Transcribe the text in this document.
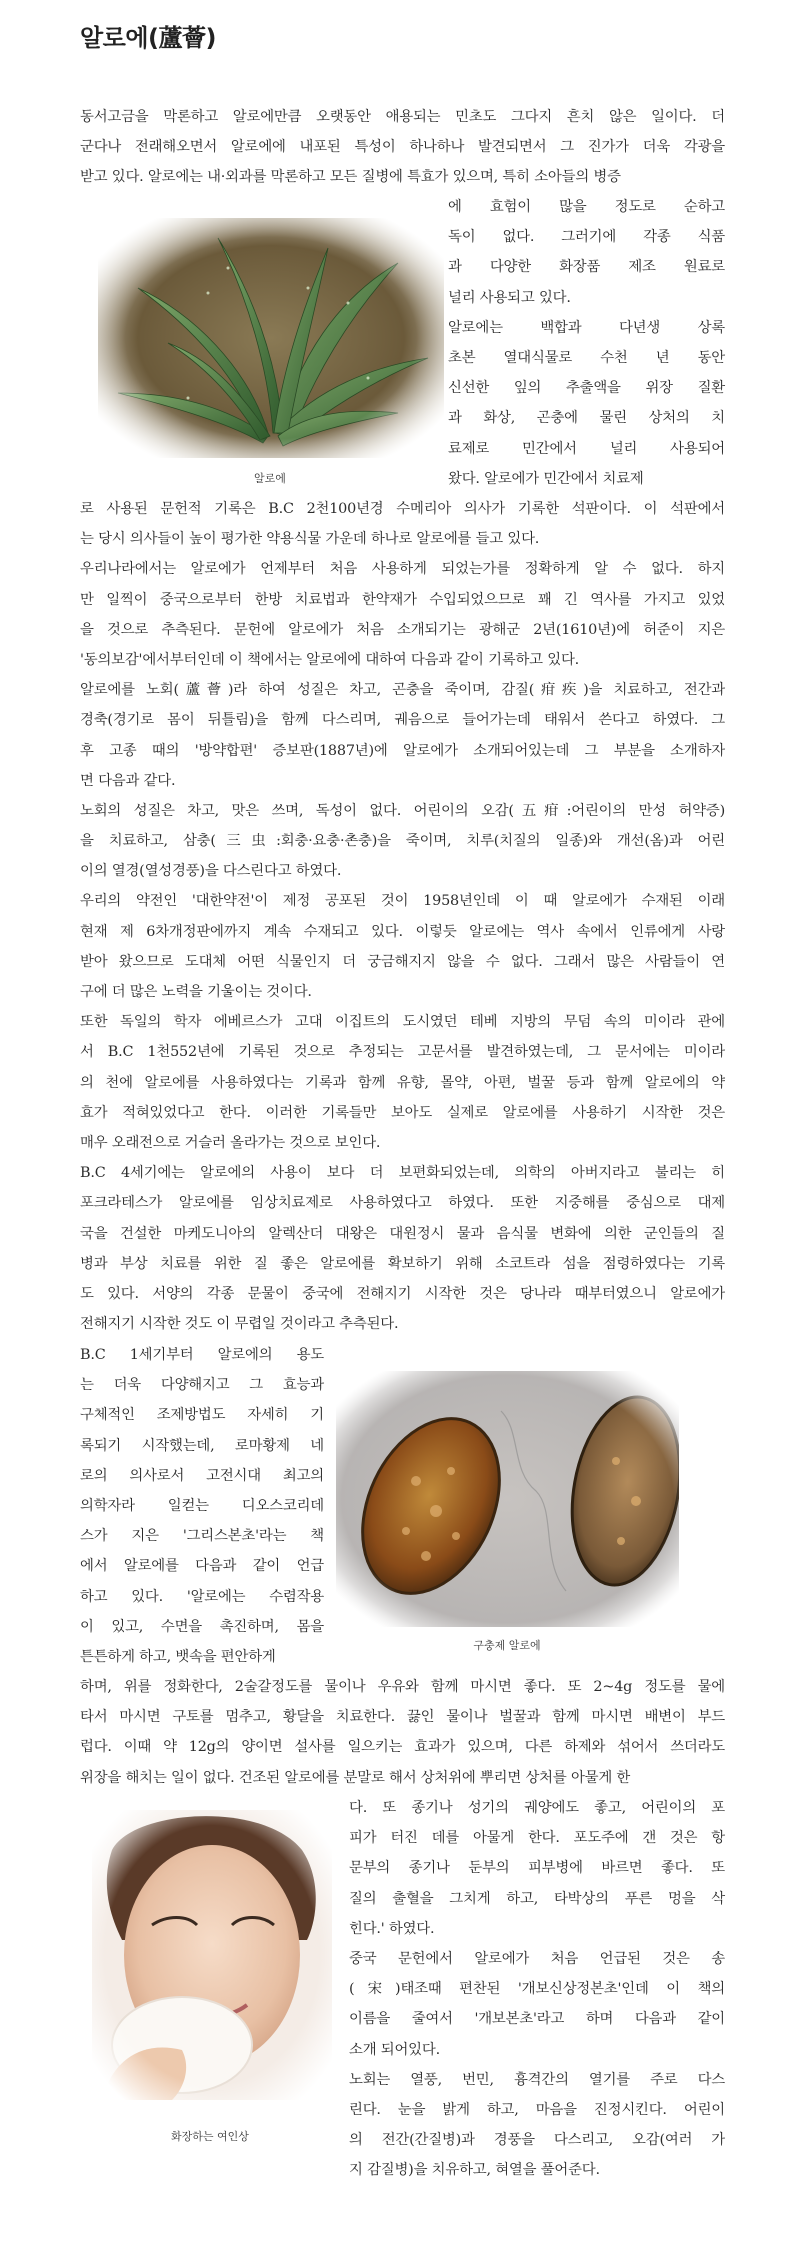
알로에(蘆薈)
동서고금을 막론하고 알로에만큼 오랫동안 애용되는 민초도 그다지 흔치 않은 일이다. 더
군다나 전래해오면서 알로에에 내포된 특성이 하나하나 발견되면서 그 진가가 더욱 각광을
받고 있다. 알로에는 내·외과를 막론하고 모든 질병에 특효가 있으며, 특히 소아들의 병증
알로에
에 효험이 많을 정도로 순하고
독이 없다. 그러기에 각종 식품
과 다양한 화장품 제조 원료로
널리 사용되고 있다.
알로에는 백합과 다년생 상록
초본 열대식물로 수천 년 동안
신선한 잎의 추출액을 위장 질환
과 화상, 곤충에 물린 상처의 치
료제로 민간에서 널리 사용되어
왔다. 알로에가 민간에서 치료제
로 사용된 문헌적 기록은 B.C 2천100년경 수메리아 의사가 기록한 석판이다. 이 석판에서
는 당시 의사들이 높이 평가한 약용식물 가운데 하나로 알로에를 들고 있다.
우리나라에서는 알로에가 언제부터 처음 사용하게 되었는가를 정확하게 알 수 없다. 하지
만 일찍이 중국으로부터 한방 치료법과 한약재가 수입되었으므로 꽤 긴 역사를 가지고 있었
을 것으로 추측된다. 문헌에 알로에가 처음 소개되기는 광해군 2년(1610년)에 허준이 지은
'동의보감'에서부터인데 이 책에서는 알로에에 대하여 다음과 같이 기록하고 있다.
알로에를 노회(蘆薈)라 하여 성질은 차고, 곤충을 죽이며, 감질(疳疾)을 치료하고, 전간과
경축(경기로 몸이 뒤틀림)을 함께 다스리며, 궤음으로 들어가는데 태워서 쓴다고 하였다. 그
후 고종 때의 '방약합편' 증보판(1887년)에 알로에가 소개되어있는데 그 부분을 소개하자
면 다음과 같다.
노회의 성질은 차고, 맛은 쓰며, 독성이 없다. 어린이의 오감(五疳:어린이의 만성 허약증)
을 치료하고, 삼충(三虫:회충·요충·촌충)을 죽이며, 치루(치질의 일종)와 개선(옴)과 어린
이의 열경(열성경풍)을 다스린다고 하였다.
우리의 약전인 '대한약전'이 제정 공포된 것이 1958년인데 이 때 알로에가 수재된 이래
현재 제 6차개정판에까지 계속 수재되고 있다. 이렇듯 알로에는 역사 속에서 인류에게 사랑
받아 왔으므로 도대체 어떤 식물인지 더 궁금해지지 않을 수 없다. 그래서 많은 사람들이 연
구에 더 많은 노력을 기울이는 것이다.
또한 독일의 학자 에베르스가 고대 이집트의 도시였던 테베 지방의 무덤 속의 미이라 관에
서 B.C 1천552년에 기록된 것으로 추정되는 고문서를 발견하였는데, 그 문서에는 미이라
의 천에 알로에를 사용하였다는 기록과 함께 유향, 몰약, 아편, 벌꿀 등과 함께 알로에의 약
효가 적혀있었다고 한다. 이러한 기록들만 보아도 실제로 알로에를 사용하기 시작한 것은
매우 오래전으로 거슬러 올라가는 것으로 보인다.
B.C 4세기에는 알로에의 사용이 보다 더 보편화되었는데, 의학의 아버지라고 불리는 히
포크라테스가 알로에를 임상치료제로 사용하였다고 하였다. 또한 지중해를 중심으로 대제
국을 건설한 마케도니아의 알렉산더 대왕은 대원정시 물과 음식물 변화에 의한 군인들의 질
병과 부상 치료를 위한 질 좋은 알로에를 확보하기 위해 소코트라 섬을 점령하였다는 기록
도 있다. 서양의 각종 문물이 중국에 전해지기 시작한 것은 당나라 때부터였으니 알로에가
전해지기 시작한 것도 이 무렵일 것이라고 추측된다.
구충제 알로에
B.C 1세기부터 알로에의 용도
는 더욱 다양해지고 그 효능과
구체적인 조제방법도 자세히 기
록되기 시작했는데, 로마황제 네
로의 의사로서 고전시대 최고의
의학자라 일컫는 디오스코리데
스가 지은 '그리스본초'라는 책
에서 알로에를 다음과 같이 언급
하고 있다. '알로에는 수렴작용
이 있고, 수면을 촉진하며, 몸을
튼튼하게 하고, 뱃속을 편안하게
하며, 위를 정화한다, 2술갈정도를 물이나 우유와 함께 마시면 좋다. 또 2~4g 정도를 물에
타서 마시면 구토를 멈추고, 황달을 치료한다. 끓인 물이나 벌꿀과 함께 마시면 배변이 부드
럽다. 이때 약 12g의 양이면 설사를 일으키는 효과가 있으며, 다른 하제와 섞어서 쓰더라도
위장을 해치는 일이 없다. 건조된 알로에를 분말로 해서 상처위에 뿌리면 상처를 아물게 한
화장하는 여인상
다. 또 종기나 성기의 궤양에도 좋고, 어린이의 포
피가 터진 데를 아물게 한다. 포도주에 갠 것은 항
문부의 종기나 둔부의 피부병에 바르면 좋다. 또
질의 출혈을 그치게 하고, 타박상의 푸른 멍을 삭
힌다.' 하였다.
중국 문헌에서 알로에가 처음 언급된 것은 송
(宋)태조때 편찬된 '개보신상정본초'인데 이 책의
이름을 줄여서 '개보본초'라고 하며 다음과 같이
소개 되어있다.
노회는 열풍, 번민, 흉격간의 열기를 주로 다스
린다. 눈을 밝게 하고, 마음을 진정시킨다. 어린이
의 전간(간질병)과 경풍을 다스리고, 오감(여러 가
지 감질병)을 치유하고, 혀열을 풀어준다.
